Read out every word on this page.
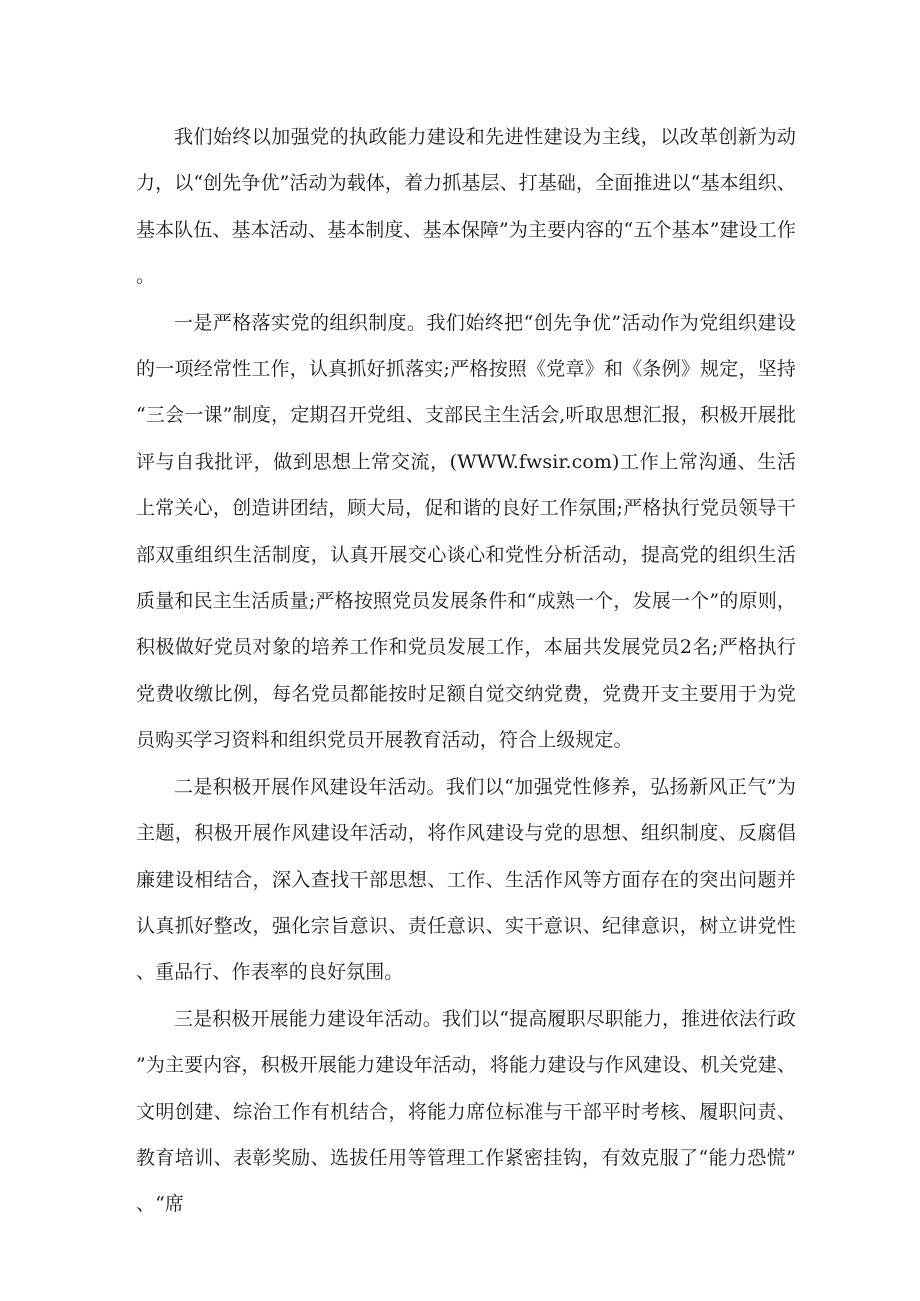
我们始终以加强党的执政能力建设和先进性建设为主线，以改革创新为动力，以“创先争优”活动为载体，着力抓基层、打基础，全面推进以“基本组织、基本队伍、基本活动、基本制度、基本保障”为主要内容的“五个基本”建设工作。

一是严格落实党的组织制度。我们始终把“创先争优”活动作为党组织建设的一项经常性工作，认真抓好抓落实;严格按照《党章》和《条例》规定，坚持“三会一课”制度，定期召开党组、支部民主生活会,听取思想汇报，积极开展批评与自我批评，做到思想上常交流，(WWW.fwsir.com)工作上常沟通、生活上常关心，创造讲团结，顾大局，促和谐的良好工作氛围;严格执行党员领导干部双重组织生活制度，认真开展交心谈心和党性分析活动，提高党的组织生活质量和民主生活质量;严格按照党员发展条件和“成熟一个，发展一个”的原则，积极做好党员对象的培养工作和党员发展工作，本届共发展党员2名;严格执行党费收缴比例，每名党员都能按时足额自觉交纳党费，党费开支主要用于为党员购买学习资料和组织党员开展教育活动，符合上级规定。

二是积极开展作风建设年活动。我们以“加强党性修养，弘扬新风正气”为主题，积极开展作风建设年活动，将作风建设与党的思想、组织制度、反腐倡廉建设相结合，深入查找干部思想、工作、生活作风等方面存在的突出问题并认真抓好整改，强化宗旨意识、责任意识、实干意识、纪律意识，树立讲党性、重品行、作表率的良好氛围。

三是积极开展能力建设年活动。我们以“提高履职尽职能力，推进依法行政”为主要内容，积极开展能力建设年活动，将能力建设与作风建设、机关党建、文明创建、综治工作有机结合，将能力席位标准与干部平时考核、履职问责、教育培训、表彰奖励、选拔任用等管理工作紧密挂钩，有效克服了“能力恐慌”、“席
